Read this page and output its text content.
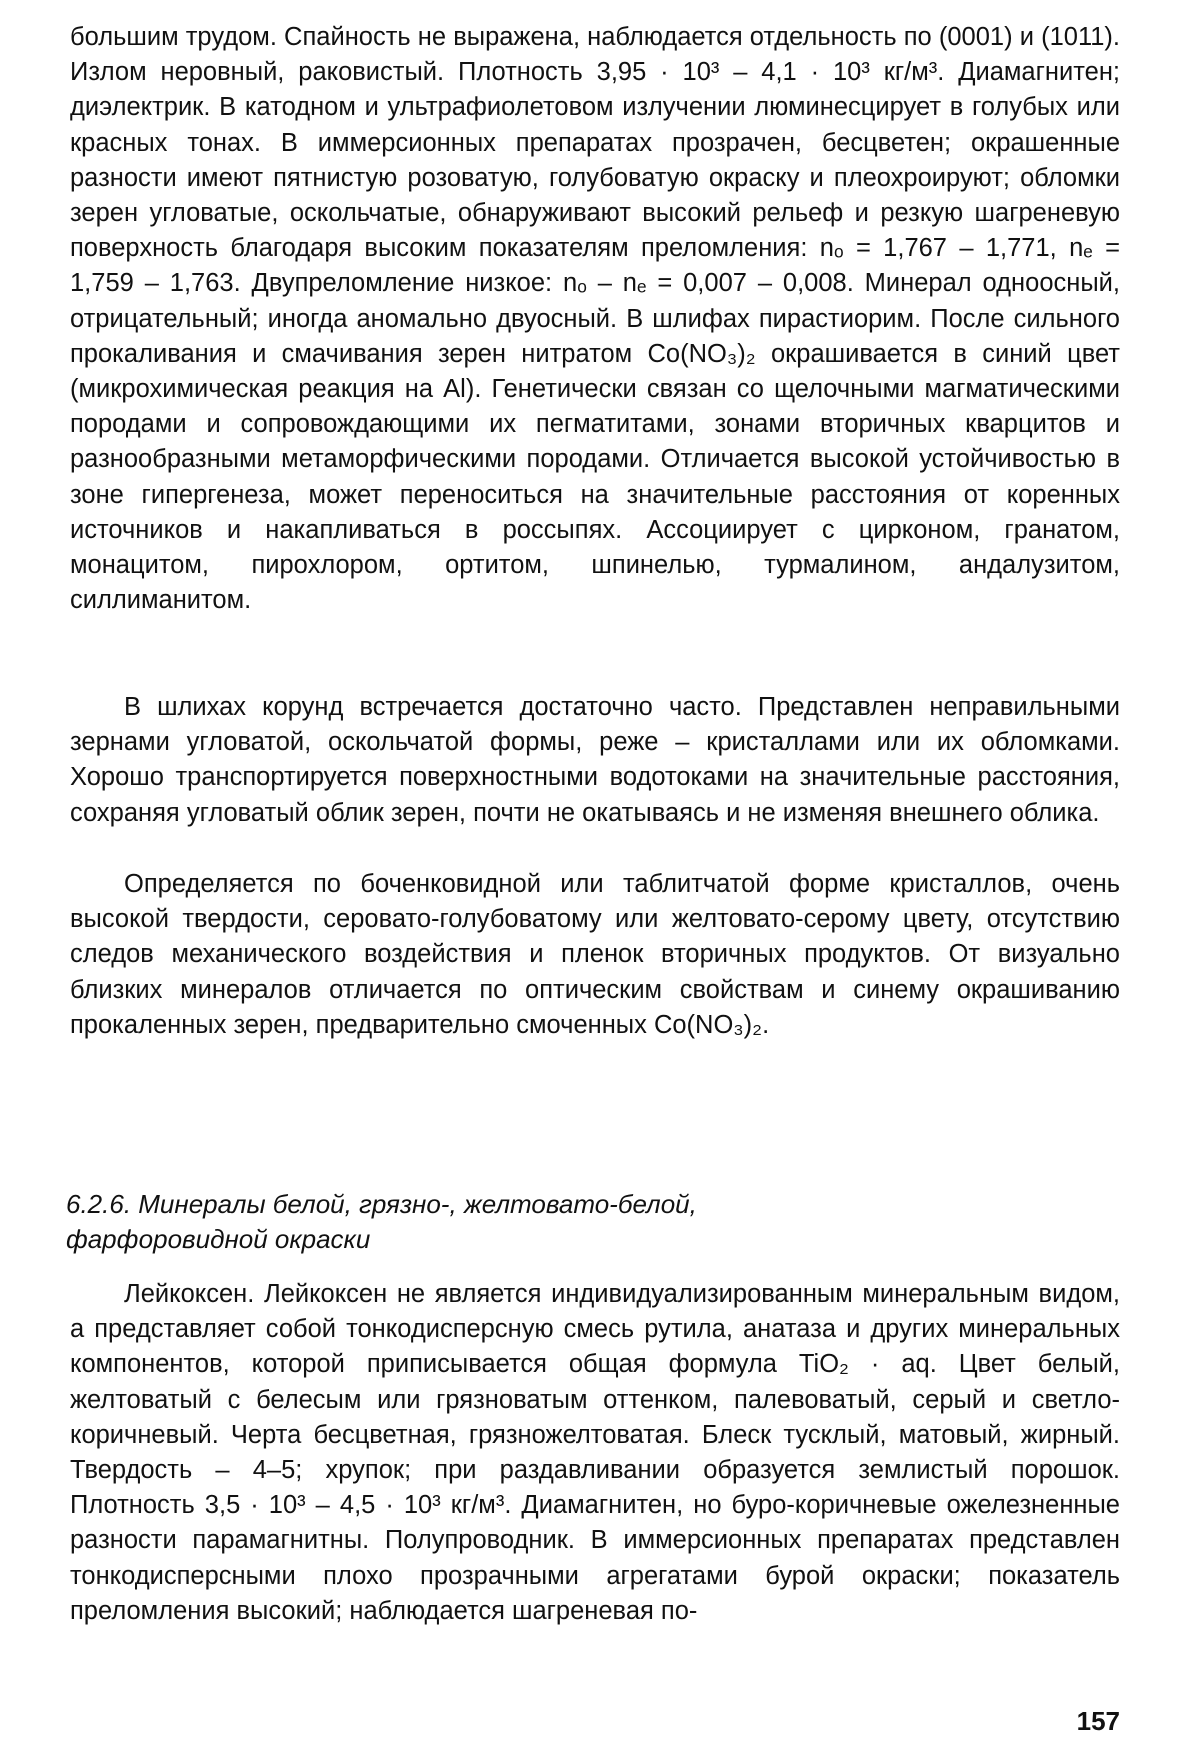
большим трудом. Спайность не выражена, наблюдается отдельность по (0001) и (1011). Излом неровный, раковистый. Плотность 3,95 · 10³ – 4,1 · 10³ кг/м³. Диамагнитен; диэлектрик. В катодном и ультрафиолетовом излучении люминесцирует в голубых или красных тонах. В иммерсионных препаратах прозрачен, бесцветен; окрашенные разности имеют пятнистую розоватую, голубоватую окраску и плеохроируют; обломки зерен угловатые, оскольчатые, обнаруживают высокий рельеф и резкую шагреневую поверхность благодаря высоким показателям преломления: nₒ = 1,767 – 1,771, nₑ = 1,759 – 1,763. Двупреломление низкое: nₒ – nₑ = 0,007 – 0,008. Минерал одноосный, отрицательный; иногда аномально двуосный. В шлифах пирастиорим. После сильного прокаливания и смачивания зерен нитратом Co(NO₃)₂ окрашивается в синий цвет (микрохимическая реакция на Al). Генетически связан со щелочными магматическими породами и сопровождающими их пегматитами, зонами вторичных кварцитов и разнообразными метаморфическими породами. Отличается высокой устойчивостью в зоне гипергенеза, может переноситься на значительные расстояния от коренных источников и накапливаться в россыпях. Ассоциирует с цирконом, гранатом, монацитом, пирохлором, ортитом, шпинелью, турмалином, андалузитом, силлиманитом.

В шлихах корунд встречается достаточно часто. Представлен неправильными зернами угловатой, оскольчатой формы, реже – кристаллами или их обломками. Хорошо транспортируется поверхностными водотоками на значительные расстояния, сохраняя угловатый облик зерен, почти не окатываясь и не изменяя внешнего облика.

Определяется по боченковидной или таблитчатой форме кристаллов, очень высокой твердости, серовато-голубоватому или желтовато-серому цвету, отсутствию следов механического воздействия и пленок вторичных продуктов. От визуально близких минералов отличается по оптическим свойствам и синему окрашиванию прокаленных зерен, предварительно смоченных Co(NO₃)₂.

6.2.6. Минералы белой, грязно-, желтовато-белой,
фарфоровидной окраски

Лейкоксен. Лейкоксен не является индивидуализированным минеральным видом, а представляет собой тонкодисперсную смесь рутила, анатаза и других минеральных компонентов, которой приписывается общая формула TiO₂ · aq. Цвет белый, желтоватый с белесым или грязноватым оттенком, палевоватый, серый и светло-коричневый. Черта бесцветная, грязножелтоватая. Блеск тусклый, матовый, жирный. Твердость – 4–5; хрупок; при раздавливании образуется землистый порошок. Плотность 3,5 · 10³ – 4,5 · 10³ кг/м³. Диамагнитен, но буро-коричневые ожелезненные разности парамагнитны. Полупроводник. В иммерсионных препаратах представлен тонкодисперсными плохо прозрачными агрегатами бурой окраски; показатель преломления высокий; наблюдается шагреневая по-

157
